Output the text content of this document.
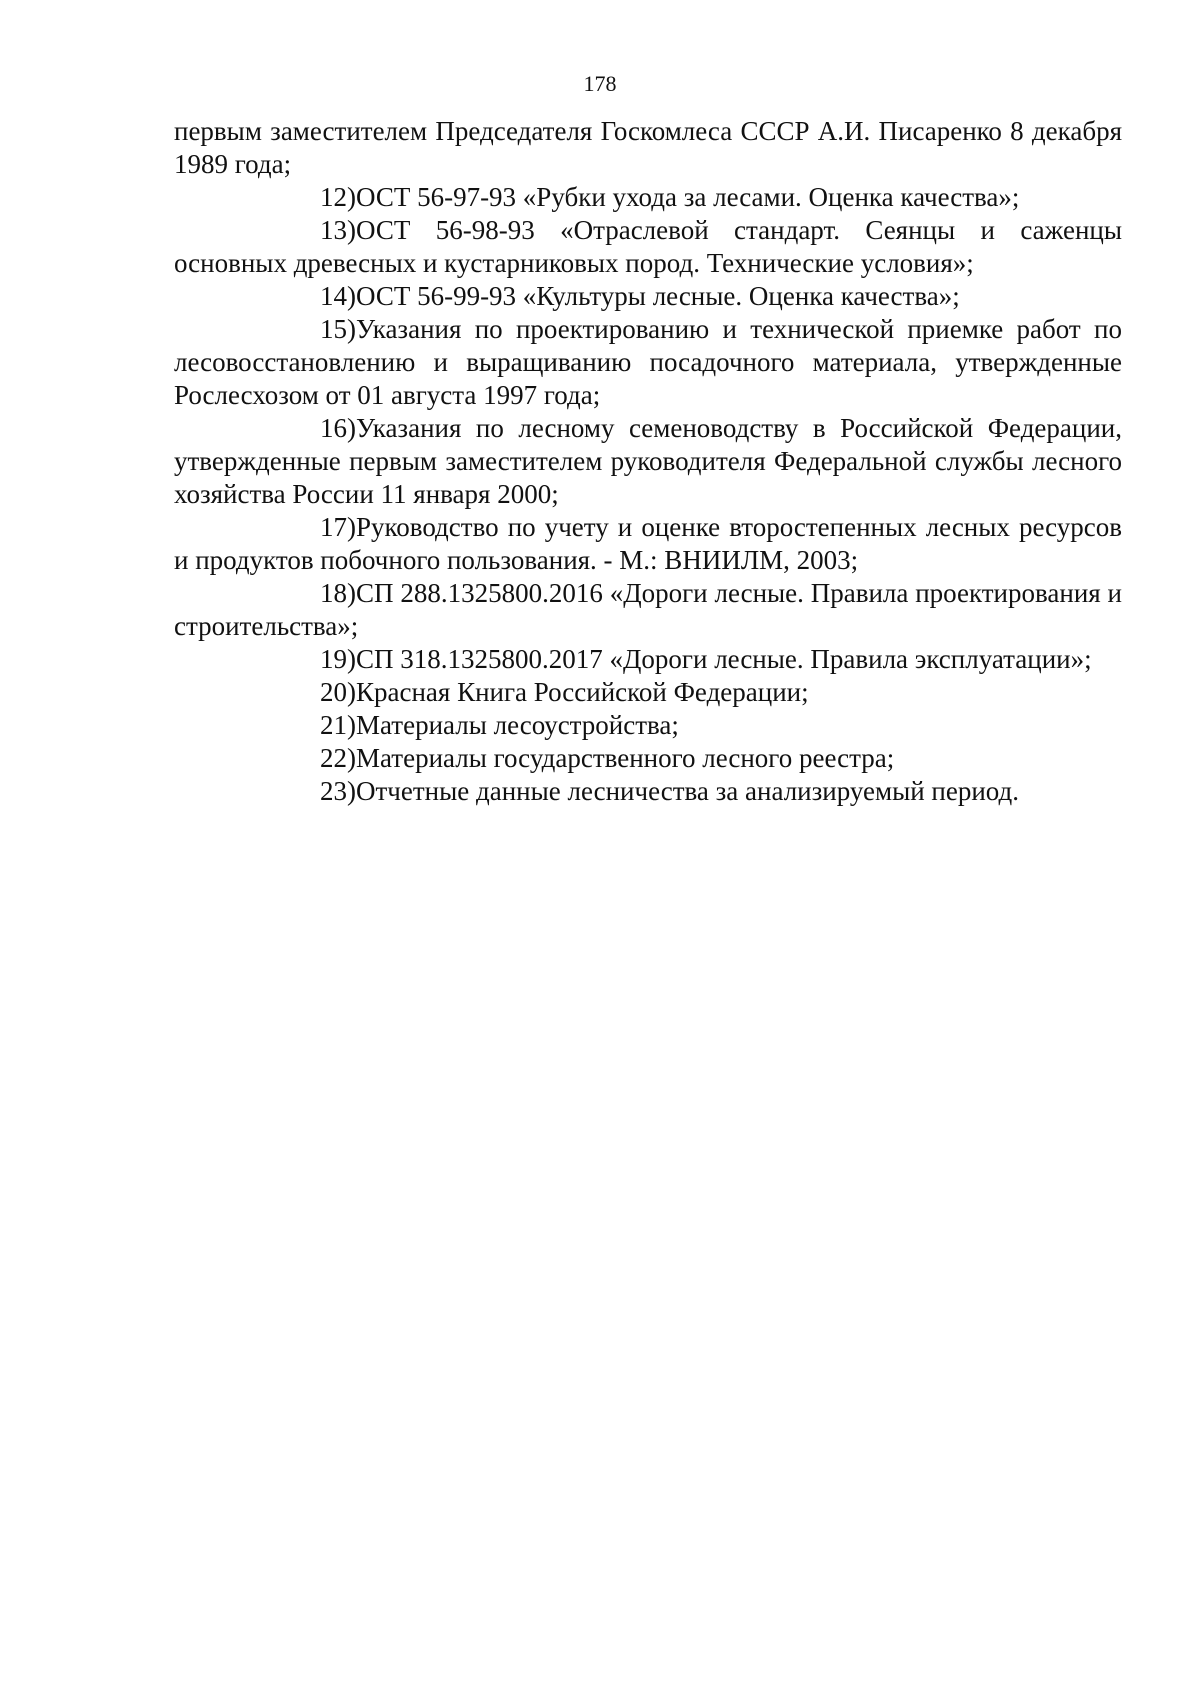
178

первым заместителем Председателя Госкомлеса СССР А.И. Писаренко 8 декабря 1989 года;

12)ОСТ 56-97-93 «Рубки ухода за лесами. Оценка качества»;

13)ОСТ 56-98-93 «Отраслевой стандарт. Сеянцы и саженцы основных древесных и кустарниковых пород. Технические условия»;

14)ОСТ 56-99-93 «Культуры лесные. Оценка качества»;

15)Указания по проектированию и технической приемке работ по лесовосстановлению и выращиванию посадочного материала, утвержденные Рослесхозом от 01 августа 1997 года;

16)Указания по лесному семеноводству в Российской Федерации, утвержденные первым заместителем руководителя Федеральной службы лесного хозяйства России 11 января 2000;

17)Руководство по учету и оценке второстепенных лесных ресурсов и продуктов побочного пользования. - М.: ВНИИЛМ, 2003;

18)СП 288.1325800.2016 «Дороги лесные. Правила проектирования и строительства»;

19)СП 318.1325800.2017 «Дороги лесные. Правила эксплуатации»;

20)Красная Книга Российской Федерации;

21)Материалы лесоустройства;

22)Материалы государственного лесного реестра;

23)Отчетные данные лесничества за анализируемый период.
